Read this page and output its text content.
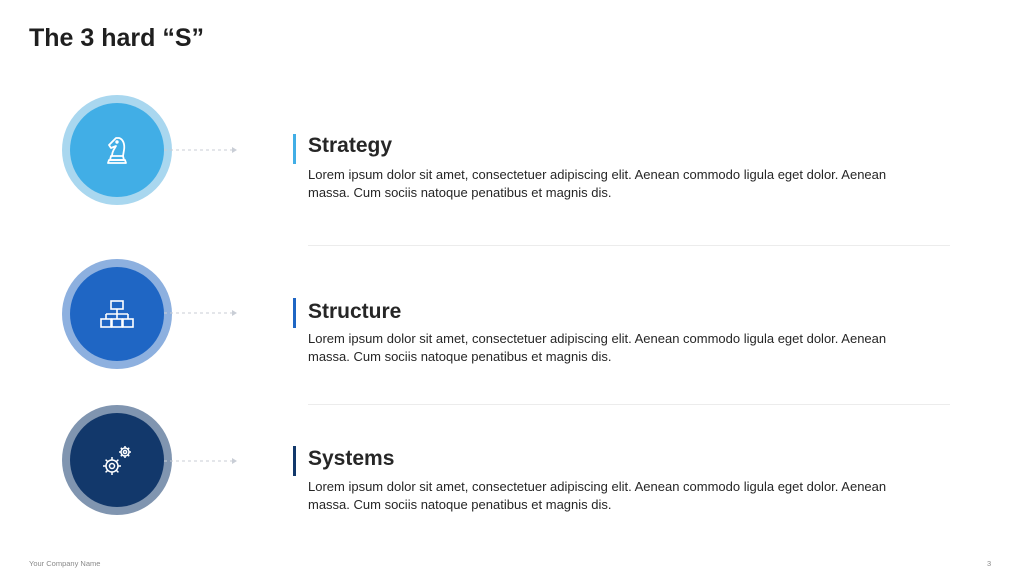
The 3 hard “S”
Strategy
Lorem ipsum dolor sit amet, consectetuer adipiscing elit. Aenean commodo ligula eget dolor. Aenean massa. Cum sociis natoque penatibus et magnis dis.
Structure
Lorem ipsum dolor sit amet, consectetuer adipiscing elit. Aenean commodo ligula eget dolor. Aenean massa. Cum sociis natoque penatibus et magnis dis.
Systems
Lorem ipsum dolor sit amet, consectetuer adipiscing elit. Aenean commodo ligula eget dolor. Aenean massa. Cum sociis natoque penatibus et magnis dis.
Your Company Name	3
